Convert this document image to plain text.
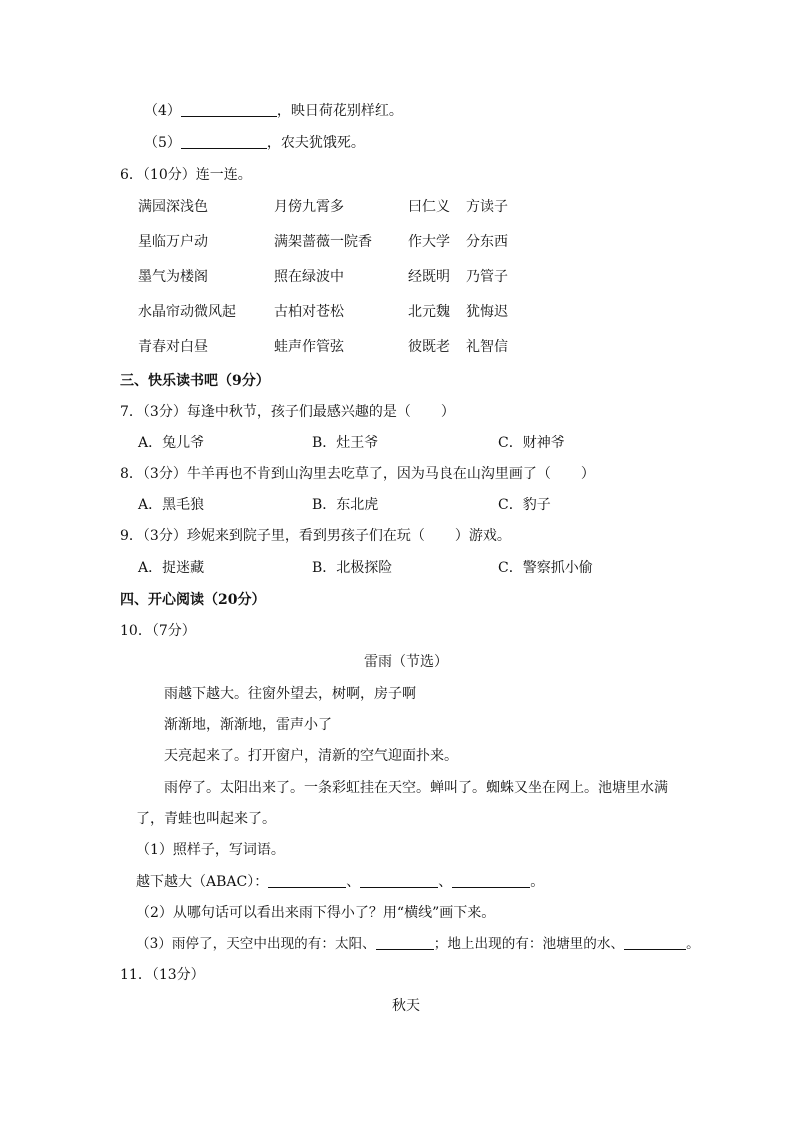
（4）	，映日荷花别样红。
（5）	，农夫犹饿死。
6．（10分）连一连。
满园深浅色	月傍九霄多	曰仁义 方读子
星临万户动	满架蔷薇一院香	作大学 分东西
墨气为楼阁	照在绿波中	经既明 乃管子
水晶帘动微风起	古柏对苍松	北元魏 犹悔迟
青春对白昼	蛙声作管弦	彼既老 礼智信
三、快乐读书吧（9分）
7．（3分）每逢中秋节，孩子们最感兴趣的是（ ）
A．兔儿爷	B．灶王爷	C．财神爷
8．（3分）牛羊再也不肯到山沟里去吃草了，因为马良在山沟里画了（ ）
A．黑毛狼	B．东北虎	C．豹子
9．（3分）珍妮来到院子里，看到男孩子们在玩（ ）游戏。
A．捉迷藏	B．北极探险	C．警察抓小偷
四、开心阅读（20分）
10．（7分）
雷雨（节选）
雨越下越大。往窗外望去，树啊，房子啊
渐渐地，渐渐地，雷声小了
天亮起来了。打开窗户，清新的空气迎面扑来。
雨停了。太阳出来了。一条彩虹挂在天空。蝉叫了。蜘蛛又坐在网上。池塘里水满
了，青蛙也叫起来了。
（1）照样子，写词语。
越下越大（ABAC）：	、	、	。
（2）从哪句话可以看出来雨下得小了？用“横线”画下来。
（3）雨停了，天空中出现的有：太阳、	；地上出现的有：池塘里的水、	。
11．（13分）
秋天
